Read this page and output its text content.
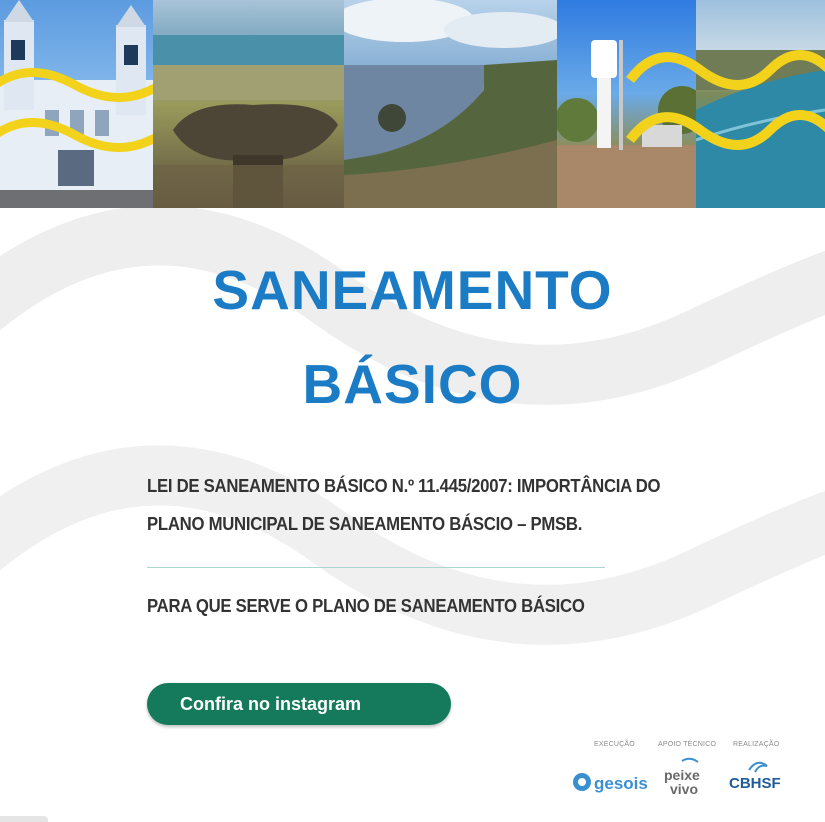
SANEAMENTO
BÁSICO
LEI DE SANEAMENTO BÁSICO N.º 11.445/2007: IMPORTÂNCIA DO
PLANO MUNICIPAL DE SANEAMENTO BÁSCIO – PMSB.
PARA QUE SERVE O PLANO DE SANEAMENTO BÁSICO
Confira no instagram
EXECUÇÃO	APOIO TÉCNICO REALIZAÇÃO
gesois peixe
vivo CBHSF
